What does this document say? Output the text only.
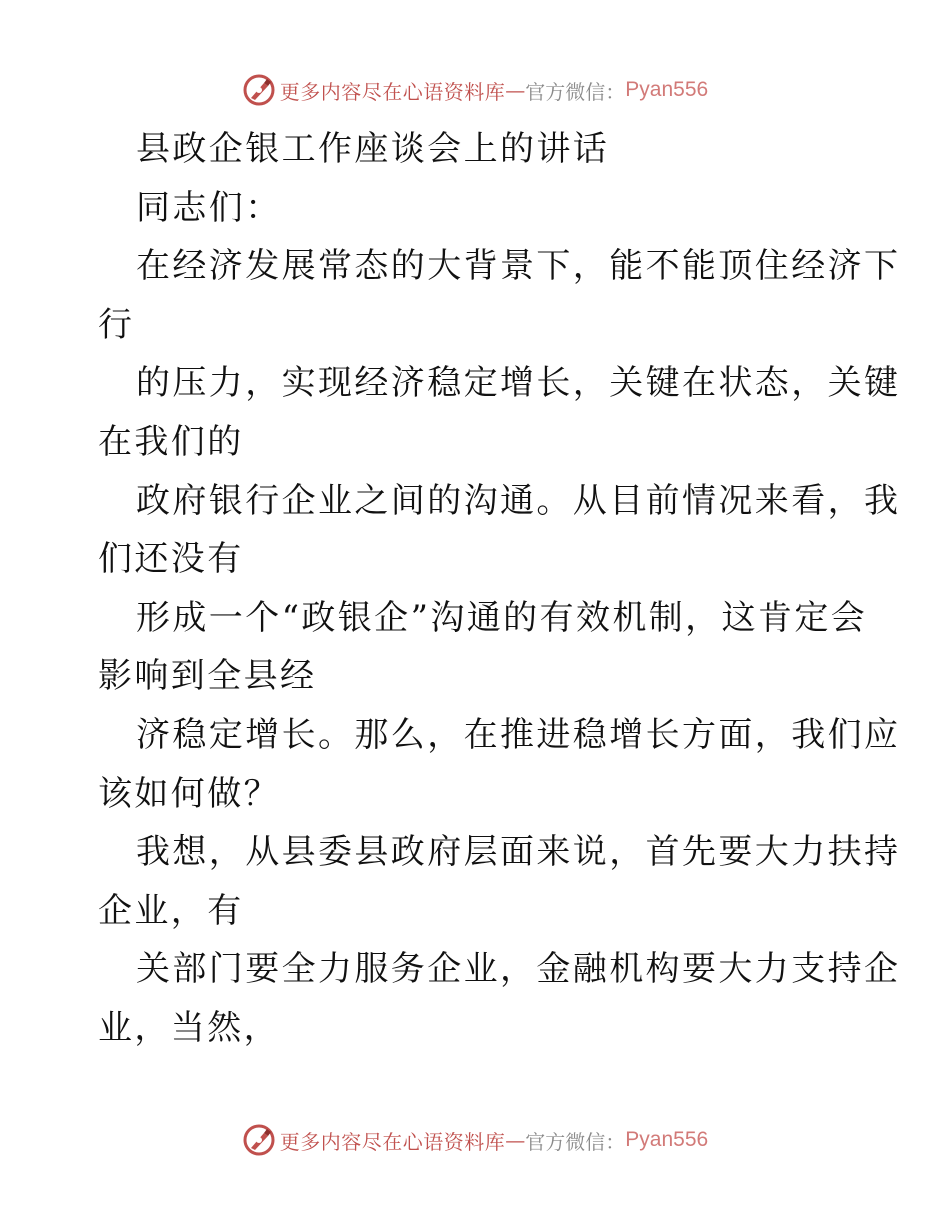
更多内容尽在心语资料库 — 官方微信： Pyan556

县政企银工作座谈会上的讲话

同志们：

在经济发展常态的大背景下，能不能顶住经济下
行

的压力，实现经济稳定增长，关键在状态，关键
在我们的

政府银行企业之间的沟通。从目前情况来看，我
们还没有

形成一个“政银企”沟通的有效机制，这肯定会
影响到全县经

济稳定增长。那么，在推进稳增长方面，我们应
该如何做？

我想，从县委县政府层面来说，首先要大力扶持
企业，有

关部门要全力服务企业，金融机构要大力支持企
业，当然，

更多内容尽在心语资料库 — 官方微信： Pyan556
